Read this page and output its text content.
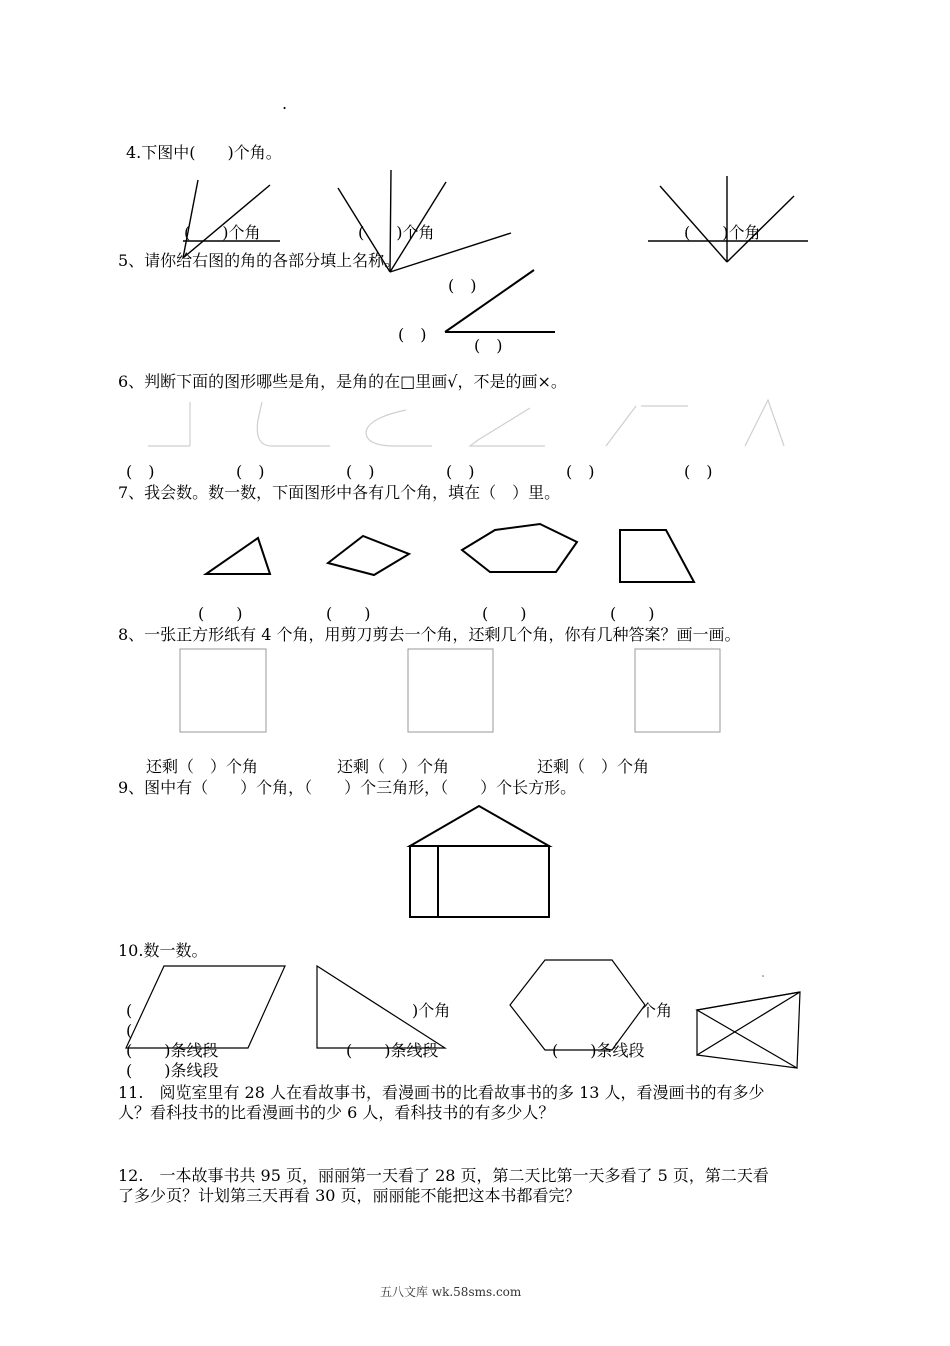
.
4.下图中(　　)个角。
(　　)个角	(　　)个角	(　　)个角
5、请你给右图的角的各部分填上名称。
(　)
(　)
(　)
6、判断下面的图形哪些是角，是角的在□里画√，不是的画×。
(　)	(　)	(　)	(　)	(　)	(　)
7、我会数。数一数，下面图形中各有几个角，填在（　）里。
(　　)	(　　)	(　　)	(　　)
8、一张正方形纸有 4 个角，用剪刀剪去一个角，还剩几个角，你有几种答案？画一画。
还剩（　）个角	还剩（　）个角	还剩（　）个角
9、图中有（　　）个角，（　　）个三角形，（　　）个长方形。
10.数一数。
(
(
)个角	个角
(　　)条线段
(　　)条线段
(　　)条线段	(　　)条线段
11.　阅览室里有 28 人在看故事书，看漫画书的比看故事书的多 13 人，看漫画书的有多少
人？看科技书的比看漫画书的少 6 人，看科技书的有多少人？
12.　一本故事书共 95 页，丽丽第一天看了 28 页，第二天比第一天多看了 5 页，第二天看
了多少页？计划第三天再看 30 页，丽丽能不能把这本书都看完？
五八文库 wk.58sms.com
